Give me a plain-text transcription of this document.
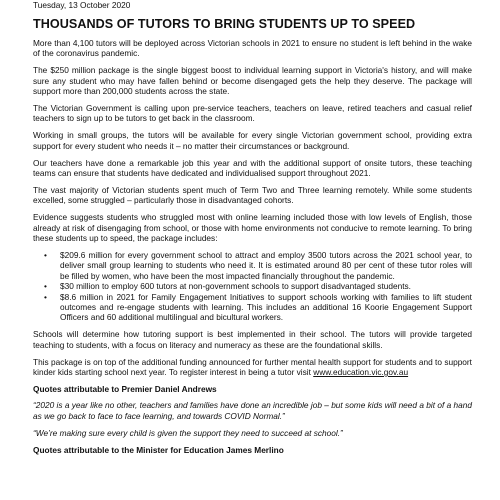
Tuesday, 13 October 2020
THOUSANDS OF TUTORS TO BRING STUDENTS UP TO SPEED

More than 4,100 tutors will be deployed across Victorian schools in 2021 to ensure no student is left behind in the wake of the coronavirus pandemic.

The $250 million package is the single biggest boost to individual learning support in Victoria's history, and will make sure any student who may have fallen behind or become disengaged gets the help they deserve. The package will support more than 200,000 students across the state.

The Victorian Government is calling upon pre-service teachers, teachers on leave, retired teachers and casual relief teachers to sign up to be tutors to get back in the classroom.

Working in small groups, the tutors will be available for every single Victorian government school, providing extra support for every student who needs it – no matter their circumstances or background.

Our teachers have done a remarkable job this year and with the additional support of onsite tutors, these teaching teams can ensure that students have dedicated and individualised support throughout 2021.

The vast majority of Victorian students spent much of Term Two and Three learning remotely. While some students excelled, some struggled – particularly those in disadvantaged cohorts.

Evidence suggests students who struggled most with online learning included those with low levels of English, those already at risk of disengaging from school, or those with home environments not conducive to remote learning. To bring these students up to speed, the package includes:

• $209.6 million for every government school to attract and employ 3500 tutors across the 2021 school year, to deliver small group learning to students who need it. It is estimated around 80 per cent of these tutor roles will be filled by women, who have been the most impacted financially throughout the pandemic.
• $30 million to employ 600 tutors at non-government schools to support disadvantaged students.
• $8.6 million in 2021 for Family Engagement Initiatives to support schools working with families to lift student outcomes and re-engage students with learning. This includes an additional 16 Koorie Engagement Support Officers and 60 additional multilingual and bicultural workers.

Schools will determine how tutoring support is best implemented in their school. The tutors will provide targeted teaching to students, with a focus on literacy and numeracy as these are the foundational skills.

This package is on top of the additional funding announced for further mental health support for students and to support kinder kids starting school next year. To register interest in being a tutor visit www.education.vic.gov.au

Quotes attributable to Premier Daniel Andrews

“2020 is a year like no other, teachers and families have done an incredible job – but some kids will need a bit of a hand as we go back to face to face learning, and towards COVID Normal.”

“We’re making sure every child is given the support they need to succeed at school.”

Quotes attributable to the Minister for Education James Merlino
